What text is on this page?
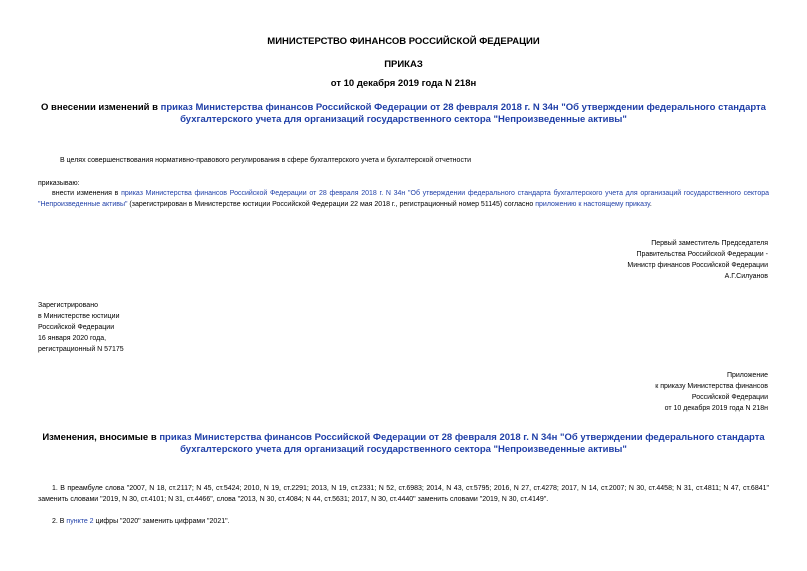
МИНИСТЕРСТВО ФИНАНСОВ РОССИЙСКОЙ ФЕДЕРАЦИИ
ПРИКАЗ
от 10 декабря 2019 года N 218н
О внесении изменений в приказ Министерства финансов Российской Федерации от 28 февраля 2018 г. N 34н "Об утверждении федерального стандарта бухгалтерского учета для организаций государственного сектора "Непроизведенные активы"
В целях совершенствования нормативно-правового регулирования в сфере бухгалтерского учета и бухгалтерской отчетности
приказываю:
внести изменения в приказ Министерства финансов Российской Федерации от 28 февраля 2018 г. N 34н "Об утверждении федерального стандарта бухгалтерского учета для организаций государственного сектора "Непроизведенные активы" (зарегистрирован в Министерстве юстиции Российской Федерации 22 мая 2018 г., регистрационный номер 51145) согласно приложению к настоящему приказу.
Первый заместитель Председателя
Правительства Российской Федерации -
Министр финансов Российской Федерации
А.Г.Силуанов
Зарегистрировано
в Министерстве юстиции
Российской Федерации
16 января 2020 года,
регистрационный N 57175
Приложение
к приказу Министерства финансов
Российской Федерации
от 10 декабря 2019 года N 218н
Изменения, вносимые в приказ Министерства финансов Российской Федерации от 28 февраля 2018 г. N 34н "Об утверждении федерального стандарта бухгалтерского учета для организаций государственного сектора "Непроизведенные активы"
1. В преамбуле слова "2007, N 18, ст.2117; N 45, ст.5424; 2010, N 19, ст.2291; 2013, N 19, ст.2331; N 52, ст.6983; 2014, N 43, ст.5795; 2016, N 27, ст.4278; 2017, N 14, ст.2007; N 30, ст.4458; N 31, ст.4811; N 47, ст.6841" заменить словами "2019, N 30, ст.4101; N 31, ст.4466", слова "2013, N 30, ст.4084; N 44, ст.5631; 2017, N 30, ст.4440" заменить словами "2019, N 30, ст.4149".
2. В пункте 2 цифры "2020" заменить цифрами "2021".
